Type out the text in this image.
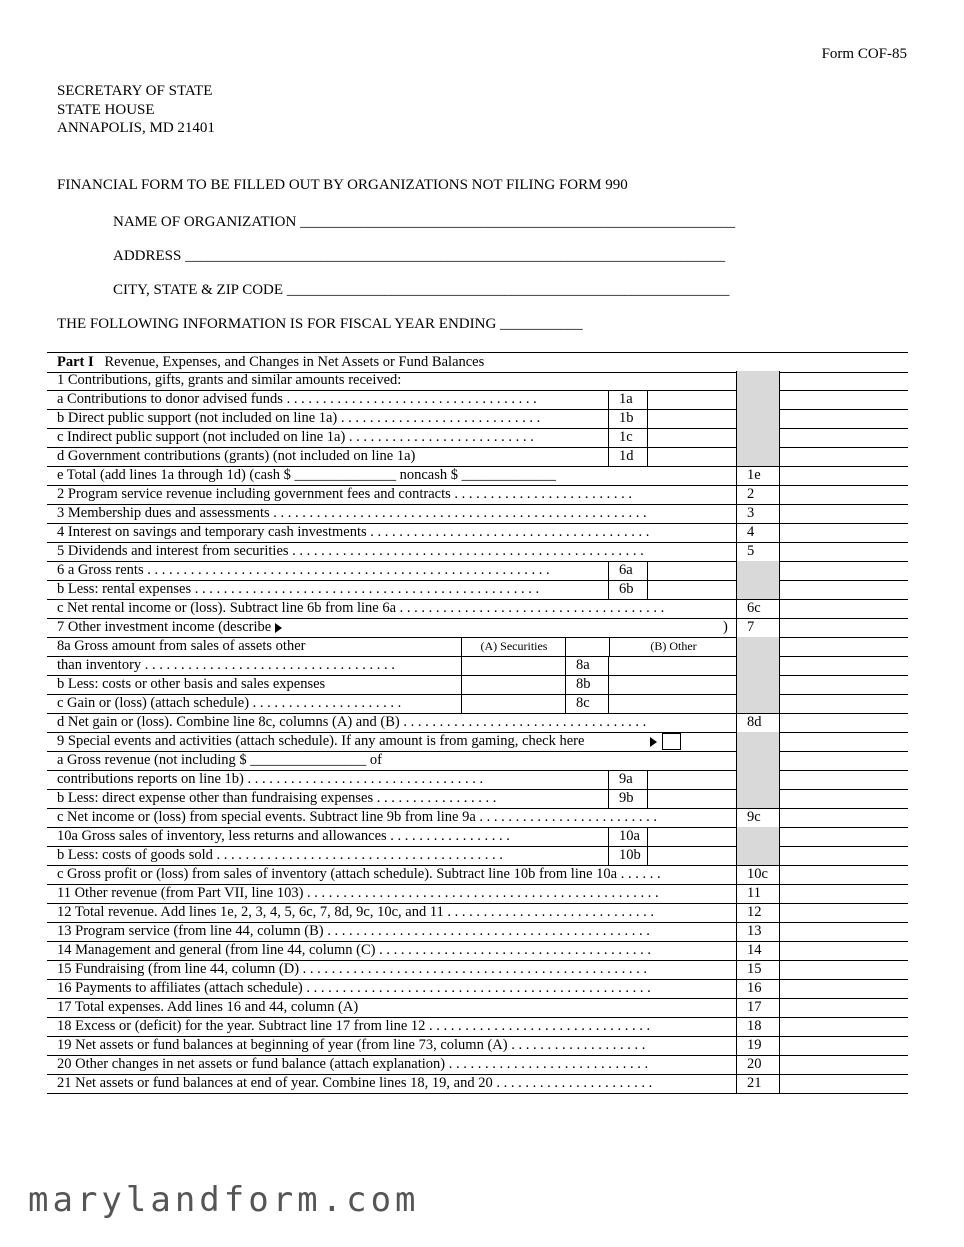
Form COF-85
SECRETARY OF STATE
STATE HOUSE
ANNAPOLIS, MD 21401
FINANCIAL FORM TO BE FILLED OUT BY ORGANIZATIONS NOT FILING FORM 990
NAME OF ORGANIZATION __________________________________________________________
ADDRESS ________________________________________________________________________
CITY, STATE & ZIP CODE ___________________________________________________________
THE FOLLOWING INFORMATION IS FOR FISCAL YEAR ENDING ___________
Part I Revenue, Expenses, and Changes in Net Assets or Fund Balances
1 Contributions, gifts, grants and similar amounts received:
a Contributions to donor advised funds . . . . . . . . . . . . . . . . . . . . . . . . . . . . . . . . . . .	1a
b Direct public support (not included on line 1a) . . . . . . . . . . . . . . . . . . . . . . . . . . . .	1b
c Indirect public support (not included on line 1a) . . . . . . . . . . . . . . . . . . . . . . . . . .	1c
d Government contributions (grants) (not included on line 1a)	1d
e Total (add lines 1a through 1d) (cash $ ______________ noncash $ _____________	1e
2 Program service revenue including government fees and contracts . . . . . . . . . . . . . . . . . . . . . . . . .	2
3 Membership dues and assessments . . . . . . . . . . . . . . . . . . . . . . . . . . . . . . . . . . . . . . . . . . . . . . . . . . . .	3
4 Interest on savings and temporary cash investments . . . . . . . . . . . . . . . . . . . . . . . . . . . . . . . . . . . . . . .	4
5 Dividends and interest from securities . . . . . . . . . . . . . . . . . . . . . . . . . . . . . . . . . . . . . . . . . . . . . . . . .	5
6 a Gross rents . . . . . . . . . . . . . . . . . . . . . . . . . . . . . . . . . . . . . . . . . . . . . . . . . . . . . . . .	6a
b Less: rental expenses . . . . . . . . . . . . . . . . . . . . . . . . . . . . . . . . . . . . . . . . . . . . . . . .	6b
c Net rental income or (loss). Subtract line 6b from line 6a . . . . . . . . . . . . . . . . . . . . . . . . . . . . . . . . . . . . .	6c
7 Other investment income (describe	7
)
8a Gross amount from sales of assets other	(A) Securities	(B) Other
than inventory . . . . . . . . . . . . . . . . . . . . . . . . . . . . . . . . . . .	8a
b Less: costs or other basis and sales expenses	8b
c Gain or (loss) (attach schedule) . . . . . . . . . . . . . . . . . . . . .	8c
d Net gain or (loss). Combine line 8c, columns (A) and (B) . . . . . . . . . . . . . . . . . . . . . . . . . . . . . . . . . .	8d
9 Special events and activities (attach schedule). If any amount is from gaming, check here
a Gross revenue (not including $ ________________ of
contributions reports on line 1b) . . . . . . . . . . . . . . . . . . . . . . . . . . . . . . . . .	9a
b Less: direct expense other than fundraising expenses . . . . . . . . . . . . . . . . .	9b
c Net income or (loss) from special events. Subtract line 9b from line 9a . . . . . . . . . . . . . . . . . . . . . . . . .	9c
10a Gross sales of inventory, less returns and allowances . . . . . . . . . . . . . . . . .	10a
b Less: costs of goods sold . . . . . . . . . . . . . . . . . . . . . . . . . . . . . . . . . . . . . . . .	10b
c Gross profit or (loss) from sales of inventory (attach schedule). Subtract line 10b from line 10a . . . . . .	10c
11 Other revenue (from Part VII, line 103) . . . . . . . . . . . . . . . . . . . . . . . . . . . . . . . . . . . . . . . . . . . . . . . . .	11
12 Total revenue. Add lines 1e, 2, 3, 4, 5, 6c, 7, 8d, 9c, 10c, and 11 . . . . . . . . . . . . . . . . . . . . . . . . . . . . .	12
13 Program service (from line 44, column (B) . . . . . . . . . . . . . . . . . . . . . . . . . . . . . . . . . . . . . . . . . . . . .	13
14 Management and general (from line 44, column (C) . . . . . . . . . . . . . . . . . . . . . . . . . . . . . . . . . . . . . .	14
15 Fundraising (from line 44, column (D) . . . . . . . . . . . . . . . . . . . . . . . . . . . . . . . . . . . . . . . . . . . . . . . .	15
16 Payments to affiliates (attach schedule) . . . . . . . . . . . . . . . . . . . . . . . . . . . . . . . . . . . . . . . . . . . . . . . .	16
17 Total expenses. Add lines 16 and 44, column (A)	17
18 Excess or (deficit) for the year. Subtract line 17 from line 12 . . . . . . . . . . . . . . . . . . . . . . . . . . . . . . .	18
19 Net assets or fund balances at beginning of year (from line 73, column (A) . . . . . . . . . . . . . . . . . . .	19
20 Other changes in net assets or fund balance (attach explanation) . . . . . . . . . . . . . . . . . . . . . . . . . . . .	20
21 Net assets or fund balances at end of year. Combine lines 18, 19, and 20 . . . . . . . . . . . . . . . . . . . . . .	21
marylandform.com
